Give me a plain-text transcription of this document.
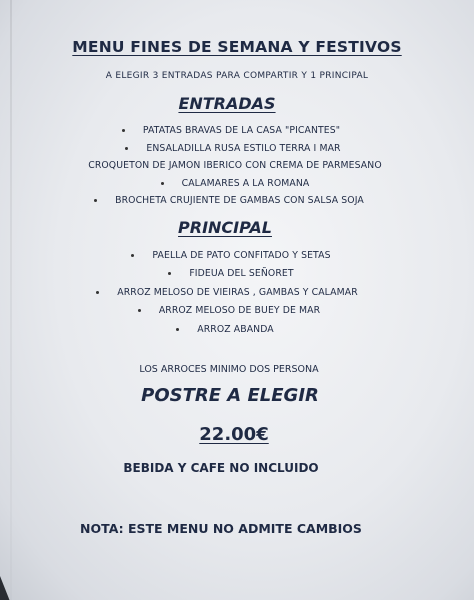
MENU FINES DE SEMANA Y FESTIVOS
A ELEGIR 3 ENTRADAS PARA COMPARTIR Y 1 PRINCIPAL
ENTRADAS
PATATAS BRAVAS DE LA CASA "PICANTES"
ENSALADILLA RUSA ESTILO TERRA I MAR
CROQUETON DE JAMON IBERICO CON CREMA DE PARMESANO
CALAMARES A LA ROMANA
BROCHETA CRUJIENTE DE GAMBAS CON SALSA SOJA
PRINCIPAL
PAELLA DE PATO CONFITADO Y SETAS
FIDEUA DEL SEÑORET
ARROZ MELOSO DE VIEIRAS , GAMBAS Y CALAMAR
ARROZ MELOSO DE BUEY DE MAR
ARROZ ABANDA
LOS ARROCES MINIMO DOS PERSONA
POSTRE A ELEGIR
22.00€
BEBIDA Y CAFE NO INCLUIDO
NOTA: ESTE MENU NO ADMITE CAMBIOS
